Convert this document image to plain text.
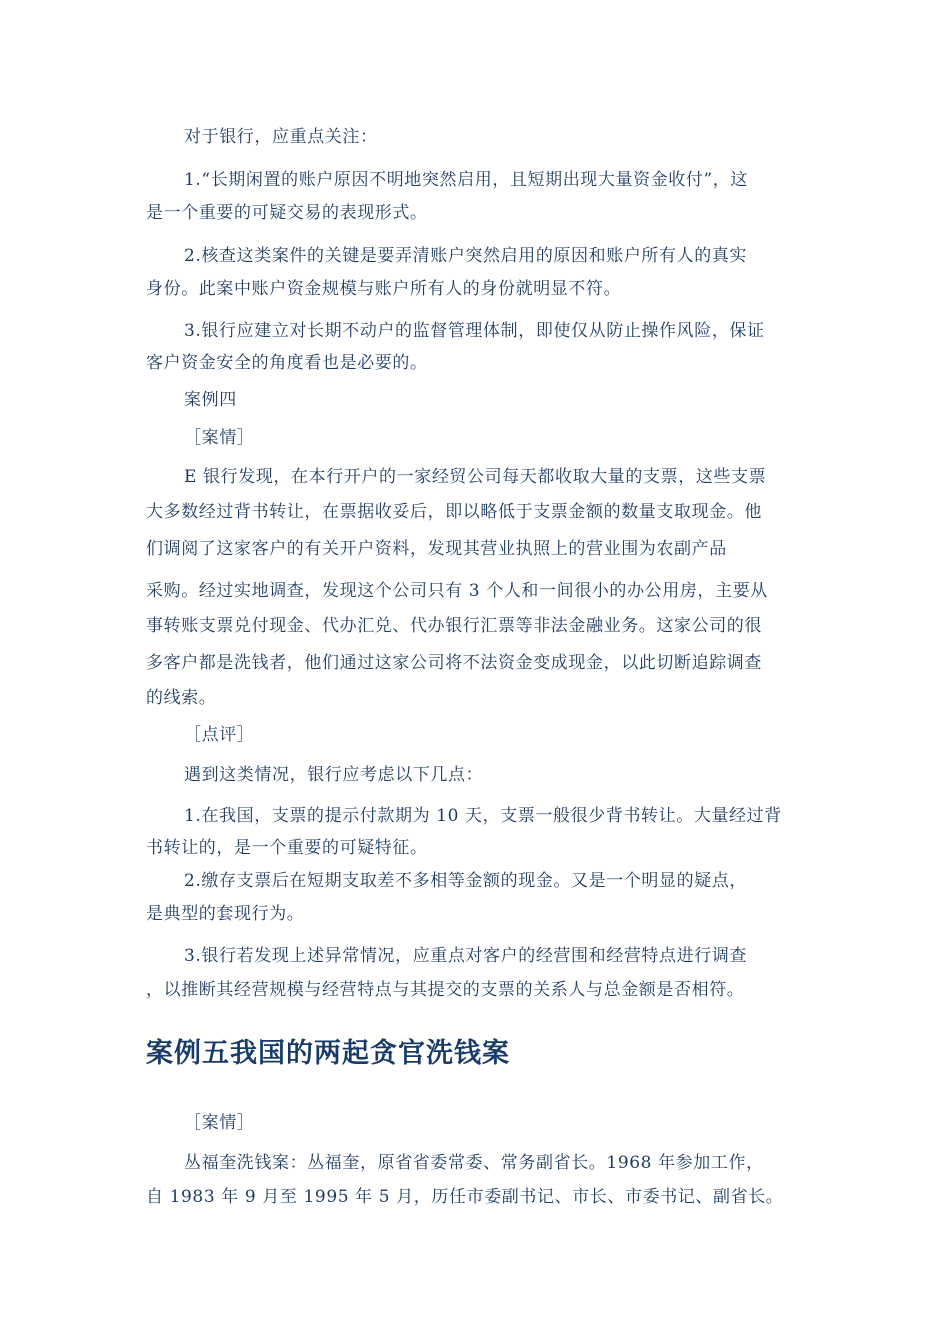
对于银行，应重点关注：
1.“长期闲置的账户原因不明地突然启用，且短期出现大量资金收付”，这
是一个重要的可疑交易的表现形式。
2.核查这类案件的关键是要弄清账户突然启用的原因和账户所有人的真实
身份。此案中账户资金规模与账户所有人的身份就明显不符。
3.银行应建立对长期不动户的监督管理体制，即使仅从防止操作风险，保证
客户资金安全的角度看也是必要的。
案例四
［案情］
E 银行发现，在本行开户的一家经贸公司每天都收取大量的支票，这些支票
大多数经过背书转让，在票据收妥后，即以略低于支票金额的数量支取现金。他
们调阅了这家客户的有关开户资料，发现其营业执照上的营业围为农副产品
采购。经过实地调查，发现这个公司只有 3 个人和一间很小的办公用房，主要从
事转账支票兑付现金、代办汇兑、代办银行汇票等非法金融业务。这家公司的很
多客户都是洗钱者，他们通过这家公司将不法资金变成现金，以此切断追踪调查
的线索。
［点评］
遇到这类情况，银行应考虑以下几点：
1.在我国，支票的提示付款期为 10 天，支票一般很少背书转让。大量经过背
书转让的，是一个重要的可疑特征。
2.缴存支票后在短期支取差不多相等金额的现金。又是一个明显的疑点，
是典型的套现行为。
3.银行若发现上述异常情况，应重点对客户的经营围和经营特点进行调查
，以推断其经营规模与经营特点与其提交的支票的关系人与总金额是否相符。
案例五我国的两起贪官洗钱案
［案情］
丛福奎洗钱案：丛福奎，原省省委常委、常务副省长。1968 年参加工作，
自 1983 年 9 月至 1995 年 5 月，历任市委副书记、市长、市委书记、副省长。
